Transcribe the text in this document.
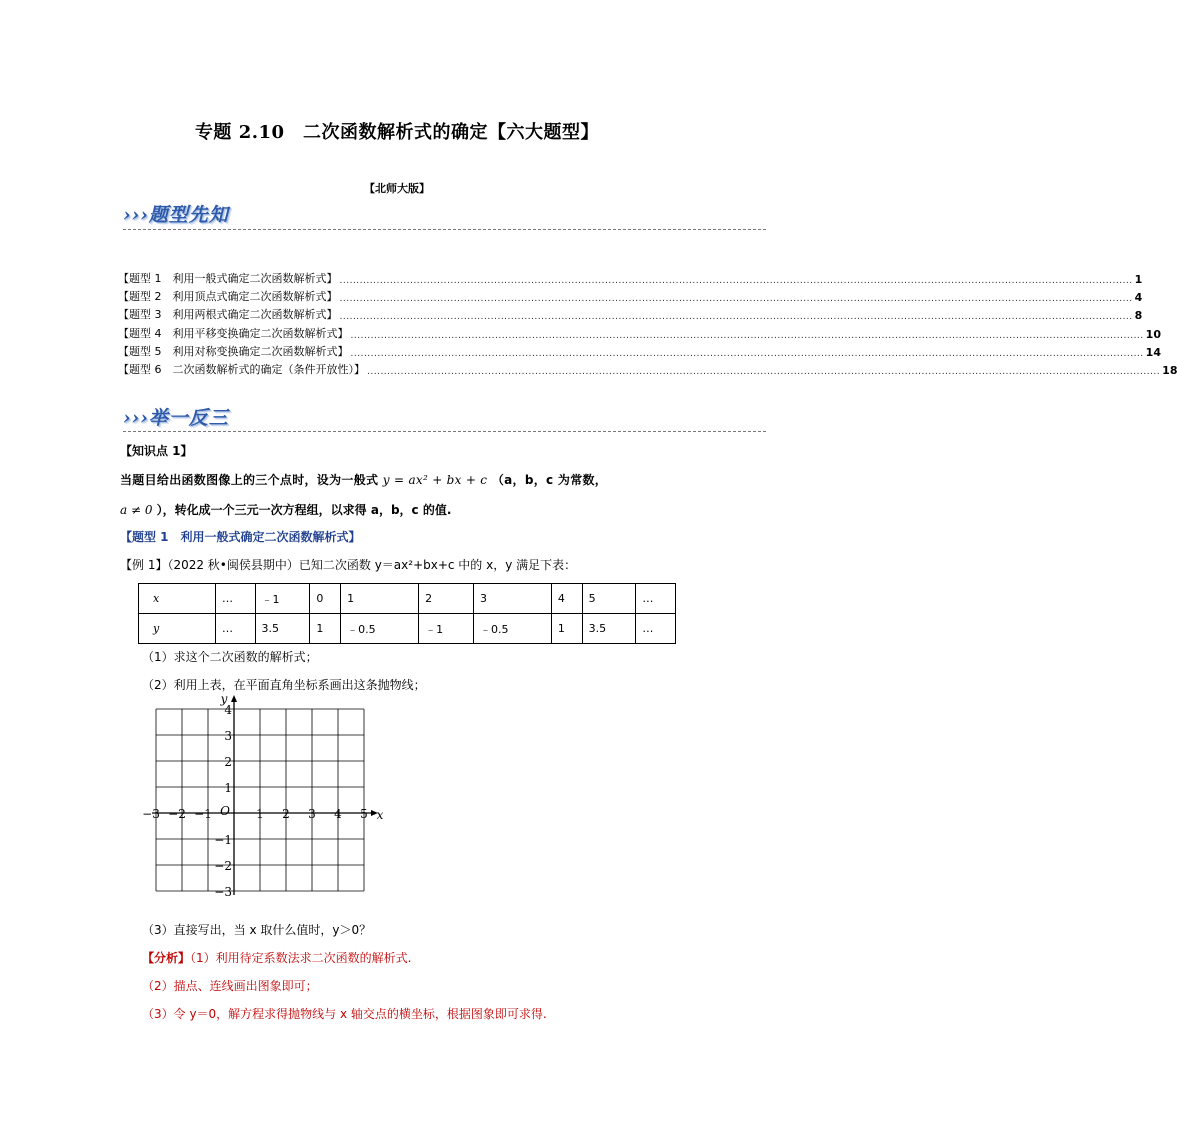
专题 2.10　二次函数解析式的确定【六大题型】
【北师大版】
›››题型先知
【题型 1　利用一般式确定二次函数解析式】 ............................................................................................................................................................................................................................................ 1
【题型 2　利用顶点式确定二次函数解析式】 ............................................................................................................................................................................................................................................ 4
【题型 3　利用两根式确定二次函数解析式】 ............................................................................................................................................................................................................................................ 8
【题型 4　利用平移变换确定二次函数解析式】 ............................................................................................................................................................................................................................................ 10
【题型 5　利用对称变换确定二次函数解析式】 ............................................................................................................................................................................................................................................ 14
【题型 6　二次函数解析式的确定（条件开放性）】 ............................................................................................................................................................................................................................................ 18
›››举一反三
【知识点 1】
当题目给出函数图像上的三个点时，设为一般式 y = ax² + bx + c （a，b，c 为常数，
a ≠ 0 ），转化成一个三元一次方程组，以求得 a，b，c 的值.
【题型 1　利用一般式确定二次函数解析式】
【例 1】（2022 秋•闽侯县期中）已知二次函数 y＝ax²+bx+c 中的 x，y 满足下表：
x	…	﹣1	0	1	2	3	4	5	…
y	…	3.5	1	﹣0.5	﹣1	﹣0.5	1	3.5	…
（1）求这个二次函数的解析式；
（2）利用上表，在平面直角坐标系画出这条抛物线；
−3 −2 −1	1 2 3 4 5
4
3
2
1
−1
−2
−3
O	x
y
（3）直接写出，当 x 取什么值时，y＞0？
【分析】（1）利用待定系数法求二次函数的解析式.
（2）描点、连线画出图象即可；
（3）令 y＝0，解方程求得抛物线与 x 轴交点的横坐标，根据图象即可求得.
